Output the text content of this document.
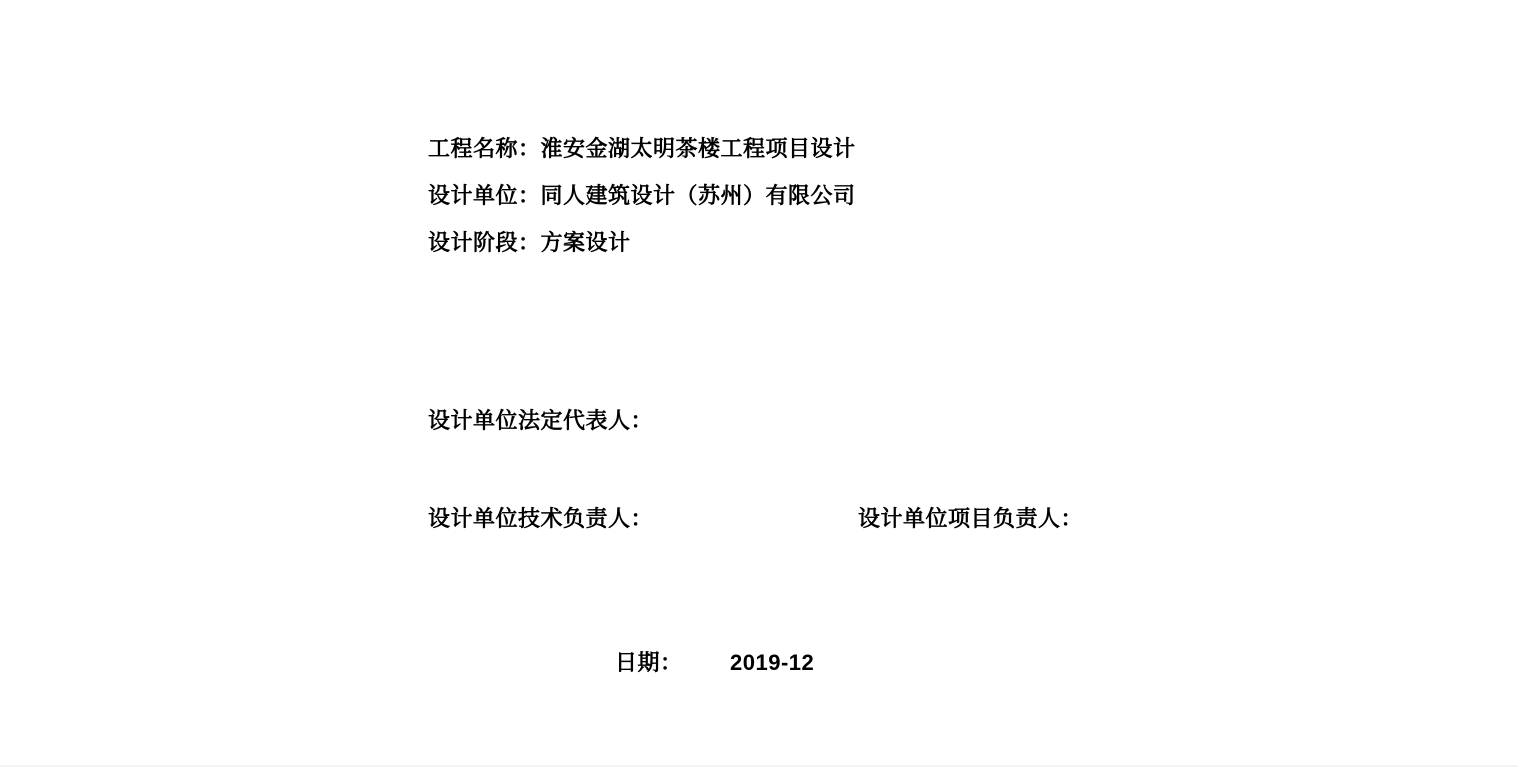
工程名称：淮安金湖太明茶楼工程项目设计
设计单位：同人建筑设计（苏州）有限公司
设计阶段：方案设计
设计单位法定代表人：
设计单位技术负责人：	设计单位项目负责人：
日期： 2019-12
